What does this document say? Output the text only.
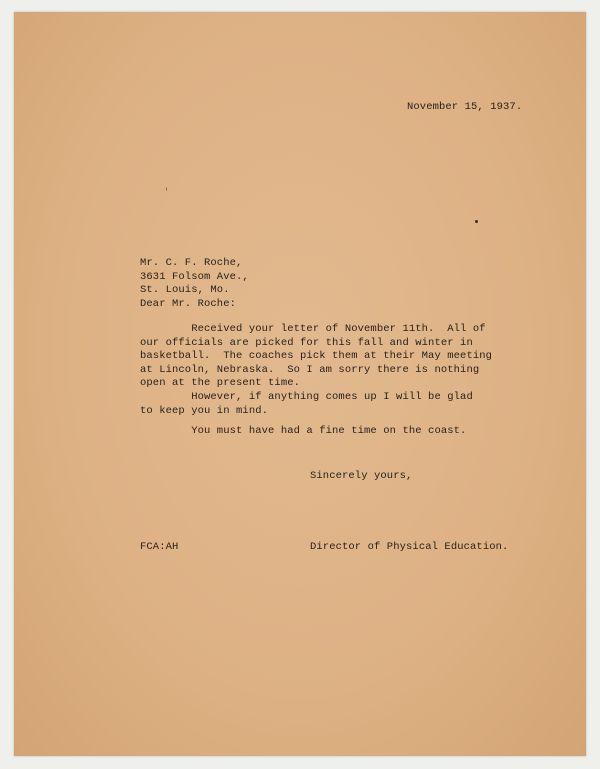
November 15, 1937.
Mr. C. F. Roche,
3631 Folsom Ave.,
St. Louis, Mo.
Dear Mr. Roche:
Received your letter of November 11th.  All of
our officials are picked for this fall and winter in
basketball.  The coaches pick them at their May meeting
at Lincoln, Nebraska.  So I am sorry there is nothing
open at the present time.
However, if anything comes up I will be glad
to keep you in mind.
You must have had a fine time on the coast.
Sincerely yours,
FCA:AH	Director of Physical Education.
